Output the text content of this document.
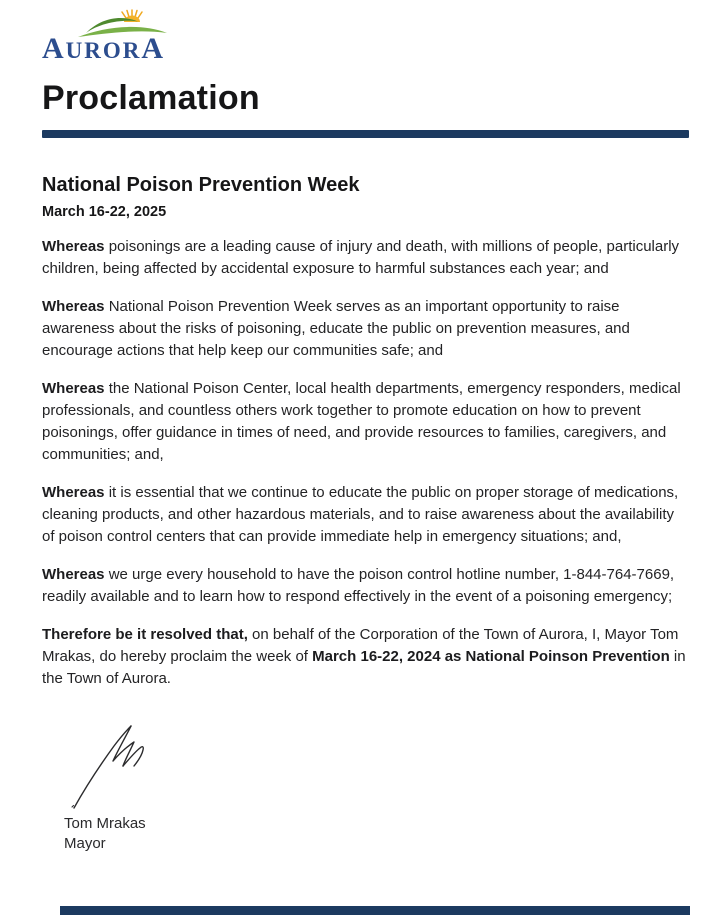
AURORA
Proclamation
National Poison Prevention Week
March 16-22, 2025

Whereas poisonings are a leading cause of injury and death, with millions of people, particularly children, being affected by accidental exposure to harmful substances each year; and

Whereas National Poison Prevention Week serves as an important opportunity to raise awareness about the risks of poisoning, educate the public on prevention measures, and encourage actions that help keep our communities safe; and

Whereas the National Poison Center, local health departments, emergency responders, medical professionals, and countless others work together to promote education on how to prevent poisonings, offer guidance in times of need, and provide resources to families, caregivers, and communities; and,

Whereas it is essential that we continue to educate the public on proper storage of medications, cleaning products, and other hazardous materials, and to raise awareness about the availability of poison control centers that can provide immediate help in emergency situations; and,

Whereas we urge every household to have the poison control hotline number, 1-844-764-7669, readily available and to learn how to respond effectively in the event of a poisoning emergency;

Therefore be it resolved that, on behalf of the Corporation of the Town of Aurora, I, Mayor Tom Mrakas, do hereby proclaim the week of March 16-22, 2024 as National Poinson Prevention in the Town of Aurora.

Tom Mrakas
Mayor
